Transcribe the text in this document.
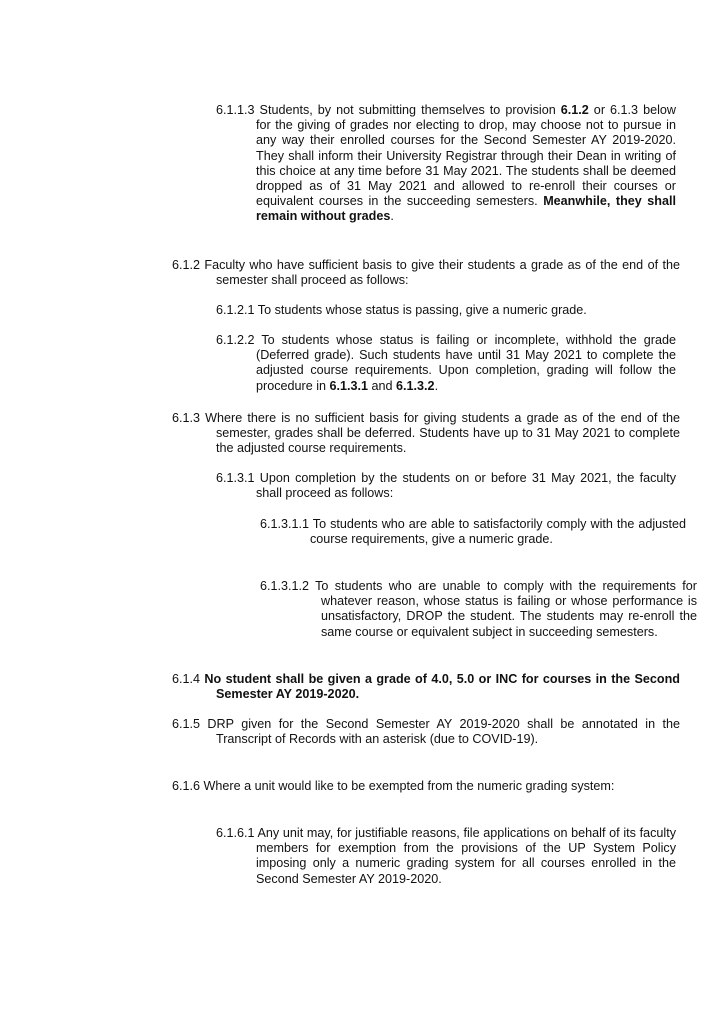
6.1.1.3 Students, by not submitting themselves to provision 6.1.2 or 6.1.3 below for the giving of grades nor electing to drop, may choose not to pursue in any way their enrolled courses for the Second Semester AY 2019-2020. They shall inform their University Registrar through their Dean in writing of this choice at any time before 31 May 2021. The students shall be deemed dropped as of 31 May 2021 and allowed to re-enroll their courses or equivalent courses in the succeeding semesters. Meanwhile, they shall remain without grades.

6.1.2 Faculty who have sufficient basis to give their students a grade as of the end of the semester shall proceed as follows:

6.1.2.1 To students whose status is passing, give a numeric grade.

6.1.2.2 To students whose status is failing or incomplete, withhold the grade (Deferred grade). Such students have until 31 May 2021 to complete the adjusted course requirements. Upon completion, grading will follow the procedure in 6.1.3.1 and 6.1.3.2.

6.1.3 Where there is no sufficient basis for giving students a grade as of the end of the semester, grades shall be deferred. Students have up to 31 May 2021 to complete the adjusted course requirements.

6.1.3.1 Upon completion by the students on or before 31 May 2021, the faculty shall proceed as follows:

6.1.3.1.1 To students who are able to satisfactorily comply with the adjusted course requirements, give a numeric grade.

6.1.3.1.2 To students who are unable to comply with the requirements for whatever reason, whose status is failing or whose performance is unsatisfactory, DROP the student. The students may re-enroll the same course or equivalent subject in succeeding semesters.

6.1.4 No student shall be given a grade of 4.0, 5.0 or INC for courses in the Second Semester AY 2019-2020.

6.1.5 DRP given for the Second Semester AY 2019-2020 shall be annotated in the Transcript of Records with an asterisk (due to COVID-19).

6.1.6 Where a unit would like to be exempted from the numeric grading system:

6.1.6.1 Any unit may, for justifiable reasons, file applications on behalf of its faculty members for exemption from the provisions of the UP System Policy imposing only a numeric grading system for all courses enrolled in the Second Semester AY 2019-2020.
